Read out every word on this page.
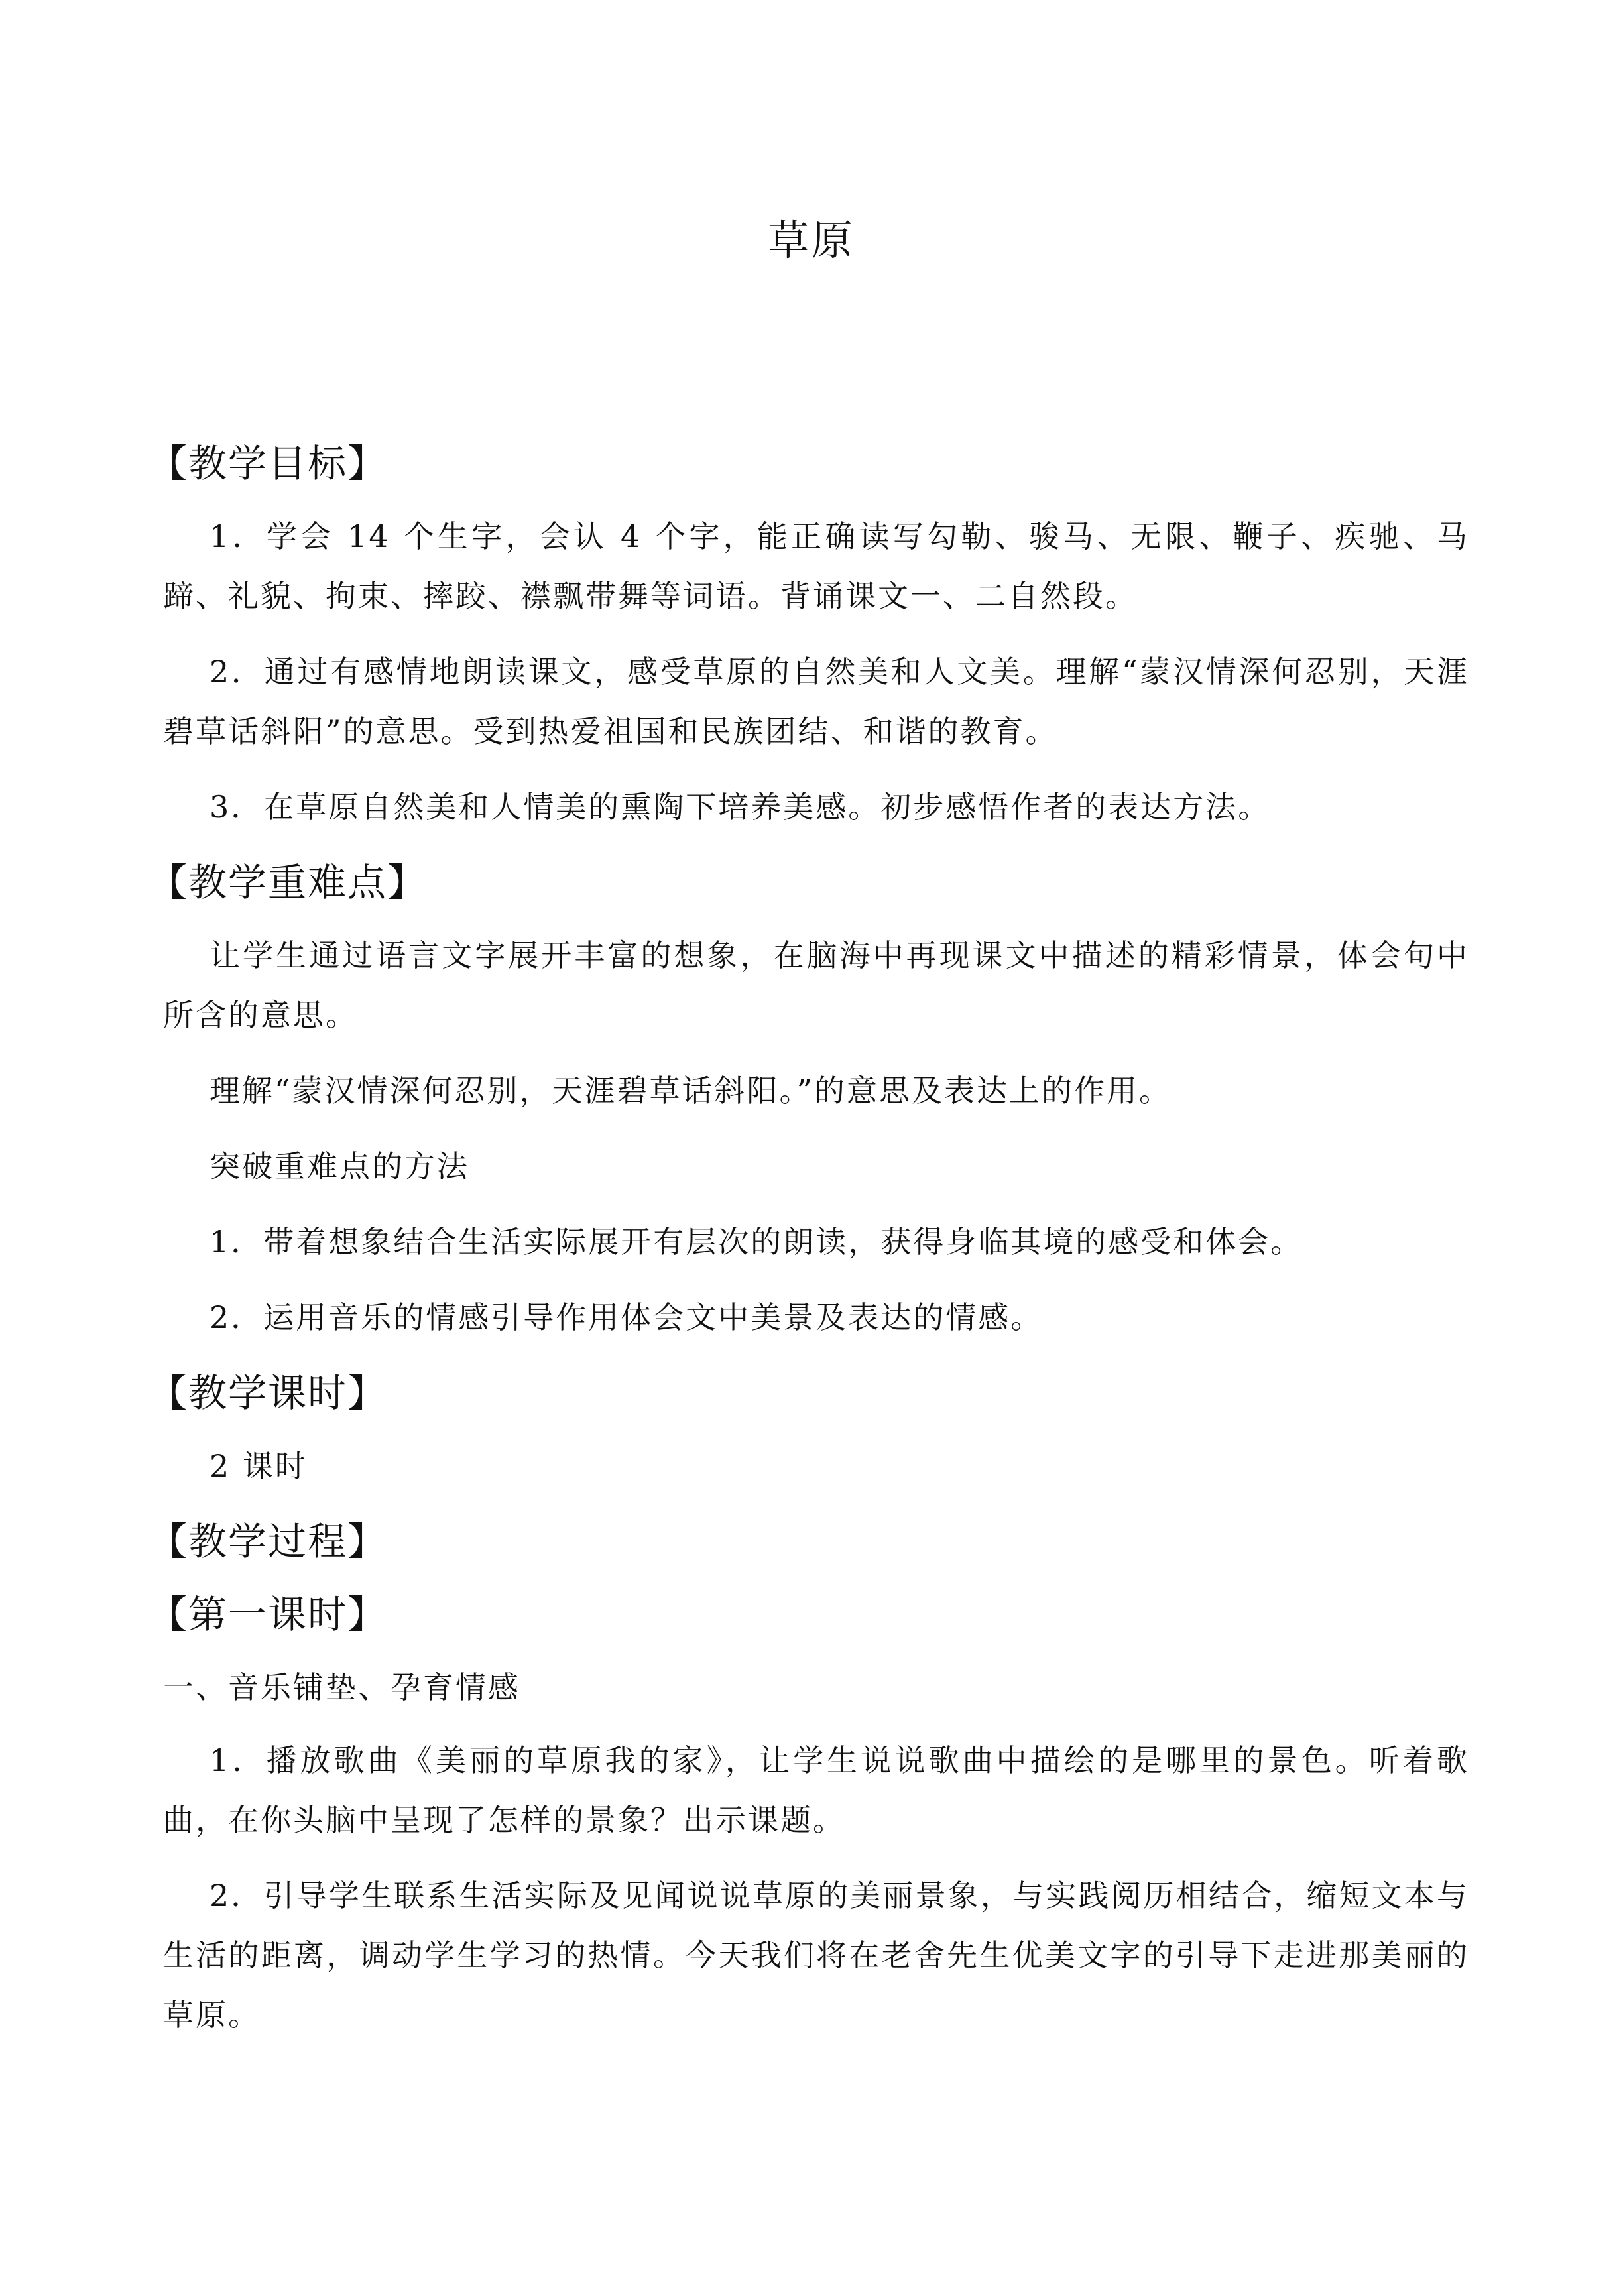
草原
【教学目标】

1．学会 14 个生字，会认 4 个字，能正确读写勾勒、骏马、无限、鞭子、疾驰、马蹄、礼貌、拘束、摔跤、襟飘带舞等词语。背诵课文一、二自然段。

2．通过有感情地朗读课文，感受草原的自然美和人文美。理解“蒙汉情深何忍别，天涯碧草话斜阳”的意思。受到热爱祖国和民族团结、和谐的教育。

3．在草原自然美和人情美的熏陶下培养美感。初步感悟作者的表达方法。

【教学重难点】

让学生通过语言文字展开丰富的想象，在脑海中再现课文中描述的精彩情景，体会句中所含的意思。

理解“蒙汉情深何忍别，天涯碧草话斜阳。”的意思及表达上的作用。

突破重难点的方法

1．带着想象结合生活实际展开有层次的朗读，获得身临其境的感受和体会。

2．运用音乐的情感引导作用体会文中美景及表达的情感。

【教学课时】

2 课时

【教学过程】
【第一课时】

一、音乐铺垫、孕育情感

1．播放歌曲《美丽的草原我的家》，让学生说说歌曲中描绘的是哪里的景色。听着歌曲，在你头脑中呈现了怎样的景象？出示课题。

2．引导学生联系生活实际及见闻说说草原的美丽景象，与实践阅历相结合，缩短文本与生活的距离，调动学生学习的热情。今天我们将在老舍先生优美文字的引导下走进那美丽的草原。
